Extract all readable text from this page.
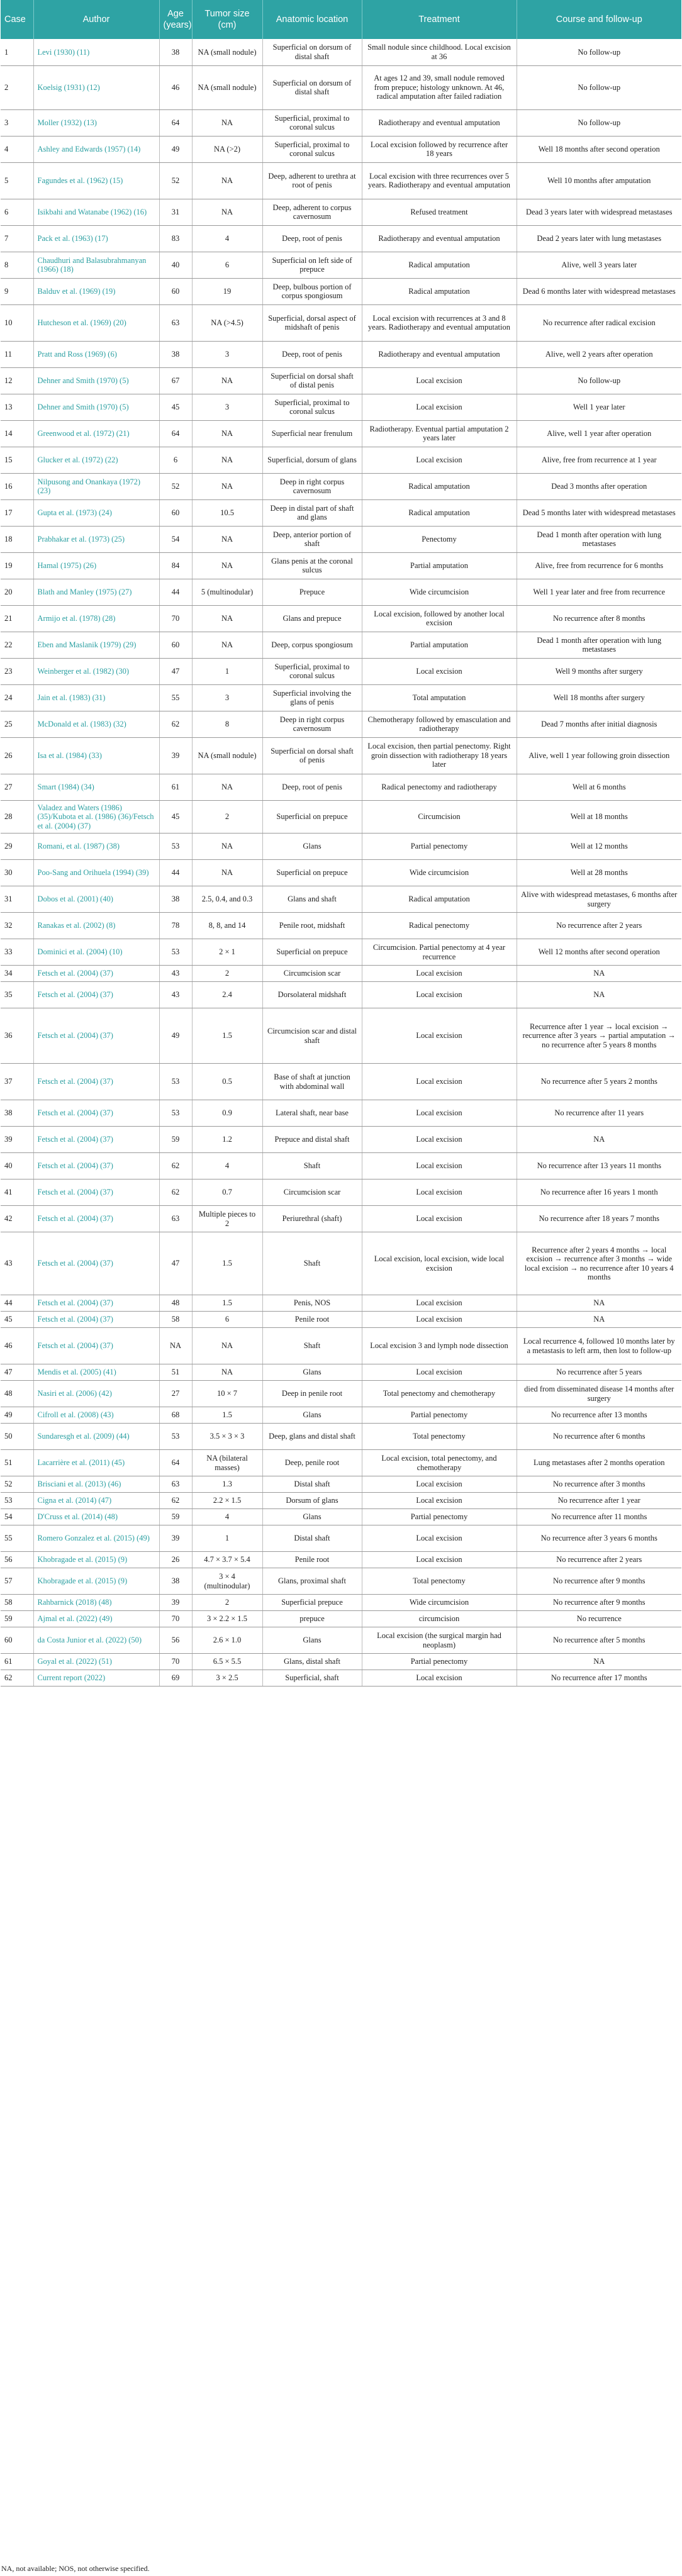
Case	Author	Age (years)	Tumor size (cm)	Anatomic location	Treatment	Course and follow-up
1	Levi (1930) (11)	38	NA (small nodule)	Superficial on dorsum of distal shaft	Small nodule since childhood. Local excision at 36	No follow-up
2	Koelsig (1931) (12)	46	NA (small nodule)	Superficial on dorsum of distal shaft	At ages 12 and 39, small nodule removed from prepuce; histology unknown. At 46, radical amputation after failed radiation	No follow-up
3	Moller (1932) (13)	64	NA	Superficial, proximal to coronal sulcus	Radiotherapy and eventual amputation	No follow-up
4	Ashley and Edwards (1957) (14)	49	NA (>2)	Superficial, proximal to coronal sulcus	Local excision followed by recurrence after 18 years	Well 18 months after second operation
5	Fagundes et al. (1962) (15)	52	NA	Deep, adherent to urethra at root of penis	Local excision with three recurrences over 5 years. Radiotherapy and eventual amputation	Well 10 months after amputation
6	Isikbahi and Watanabe (1962) (16)	31	NA	Deep, adherent to corpus cavernosum	Refused treatment	Dead 3 years later with widespread metastases
7	Pack et al. (1963) (17)	83	4	Deep, root of penis	Radiotherapy and eventual amputation	Dead 2 years later with lung metastases
8	Chaudhuri and Balasubrahmanyan (1966) (18)	40	6	Superficial on left side of prepuce	Radical amputation	Alive, well 3 years later
9	Balduv et al. (1969) (19)	60	19	Deep, bulbous portion of corpus spongiosum	Radical amputation	Dead 6 months later with widespread metastases
10	Hutcheson et al. (1969) (20)	63	NA (>4.5)	Superficial, dorsal aspect of midshaft of penis	Local excision with recurrences at 3 and 8 years. Radiotherapy and eventual amputation	No recurrence after radical excision
11	Pratt and Ross (1969) (6)	38	3	Deep, root of penis	Radiotherapy and eventual amputation	Alive, well 2 years after operation
12	Dehner and Smith (1970) (5)	67	NA	Superficial on dorsal shaft of distal penis	Local excision	No follow-up
13	Dehner and Smith (1970) (5)	45	3	Superficial, proximal to coronal sulcus	Local excision	Well 1 year later
14	Greenwood et al. (1972) (21)	64	NA	Superficial near frenulum	Radiotherapy. Eventual partial amputation 2 years later	Alive, well 1 year after operation
15	Glucker et al. (1972) (22)	6	NA	Superficial, dorsum of glans	Local excision	Alive, free from recurrence at 1 year
16	Nilpusong and Onankaya (1972) (23)	52	NA	Deep in right corpus cavernosum	Radical amputation	Dead 3 months after operation
17	Gupta et al. (1973) (24)	60	10.5	Deep in distal part of shaft and glans	Radical amputation	Dead 5 months later with widespread metastases
18	Prabhakar et al. (1973) (25)	54	NA	Deep, anterior portion of shaft	Penectomy	Dead 1 month after operation with lung metastases
19	Hamal (1975) (26)	84	NA	Glans penis at the coronal sulcus	Partial amputation	Alive, free from recurrence for 6 months
20	Blath and Manley (1975) (27)	44	5 (multinodular)	Prepuce	Wide circumcision	Well 1 year later and free from recurrence
21	Armijo et al. (1978) (28)	70	NA	Glans and prepuce	Local excision, followed by another local excision	No recurrence after 8 months
22	Eben and Maslanik (1979) (29)	60	NA	Deep, corpus spongiosum	Partial amputation	Dead 1 month after operation with lung metastases
23	Weinberger et al. (1982) (30)	47	1	Superficial, proximal to coronal sulcus	Local excision	Well 9 months after surgery
24	Jain et al. (1983) (31)	55	3	Superficial involving the glans of penis	Total amputation	Well 18 months after surgery
25	McDonald et al. (1983) (32)	62	8	Deep in right corpus cavernosum	Chemotherapy followed by emasculation and radiotherapy	Dead 7 months after initial diagnosis
26	Isa et al. (1984) (33)	39	NA (small nodule)	Superficial on dorsal shaft of penis	Local excision, then partial penectomy. Right groin dissection with radiotherapy 18 years later	Alive, well 1 year following groin dissection
27	Smart (1984) (34)	61	NA	Deep, root of penis	Radical penectomy and radiotherapy	Well at 6 months
28	Valadez and Waters (1986) (35)/Kubota et al. (1986) (36)/Fetsch et al. (2004) (37)	45	2	Superficial on prepuce	Circumcision	Well at 18 months
29	Romani, et al. (1987) (38)	53	NA	Glans	Partial penectomy	Well at 12 months
30	Poo-Sang and Orihuela (1994) (39)	44	NA	Superficial on prepuce	Wide circumcision	Well at 28 months
31	Dobos et al. (2001) (40)	38	2.5, 0.4, and 0.3	Glans and shaft	Radical amputation	Alive with widespread metastases, 6 months after surgery
32	Ranakas et al. (2002) (8)	78	8, 8, and 14	Penile root, midshaft	Radical penectomy	No recurrence after 2 years
33	Dominici et al. (2004) (10)	53	2 × 1	Superficial on prepuce	Circumcision. Partial penectomy at 4 year recurrence	Well 12 months after second operation
34	Fetsch et al. (2004) (37)	43	2	Circumcision scar	Local excision	NA
35	Fetsch et al. (2004) (37)	43	2.4	Dorsolateral midshaft	Local excision	NA
36	Fetsch et al. (2004) (37)	49	1.5	Circumcision scar and distal shaft	Local excision	Recurrence after 1 year → local excision → recurrence after 3 years → partial amputation → no recurrence after 5 years 8 months
37	Fetsch et al. (2004) (37)	53	0.5	Base of shaft at junction with abdominal wall	Local excision	No recurrence after 5 years 2 months
38	Fetsch et al. (2004) (37)	53	0.9	Lateral shaft, near base	Local excision	No recurrence after 11 years
39	Fetsch et al. (2004) (37)	59	1.2	Prepuce and distal shaft	Local excision	NA
40	Fetsch et al. (2004) (37)	62	4	Shaft	Local excision	No recurrence after 13 years 11 months
41	Fetsch et al. (2004) (37)	62	0.7	Circumcision scar	Local excision	No recurrence after 16 years 1 month
42	Fetsch et al. (2004) (37)	63	Multiple pieces to 2	Periurethral (shaft)	Local excision	No recurrence after 18 years 7 months
43	Fetsch et al. (2004) (37)	47	1.5	Shaft	Local excision, local excision, wide local excision	Recurrence after 2 years 4 months → local excision → recurrence after 3 months → wide local excision → no recurrence after 10 years 4 months
44	Fetsch et al. (2004) (37)	48	1.5	Penis, NOS	Local excision	NA
45	Fetsch et al. (2004) (37)	58	6	Penile root	Local excision	NA
46	Fetsch et al. (2004) (37)	NA	NA	Shaft	Local excision 3 and lymph node dissection	Local recurrence 4, followed 10 months later by a metastasis to left arm, then lost to follow-up
47	Mendis et al. (2005) (41)	51	NA	Glans	Local excision	No recurrence after 5 years
48	Nasiri et al. (2006) (42)	27	10 × 7	Deep in penile root	Total penectomy and chemotherapy	died from disseminated disease 14 months after surgery
49	Cifroll et al. (2008) (43)	68	1.5	Glans	Partial penectomy	No recurrence after 13 months
50	Sundaresgh et al. (2009) (44)	53	3.5 × 3 × 3	Deep, glans and distal shaft	Total penectomy	No recurrence after 6 months
51	Lacarrière et al. (2011) (45)	64	NA (bilateral masses)	Deep, penile root	Local excision, total penectomy, and chemotherapy	Lung metastases after 2 months operation
52	Brisciani et al. (2013) (46)	63	1.3	Distal shaft	Local excision	No recurrence after 3 months
53	Cigna et al. (2014) (47)	62	2.2 × 1.5	Dorsum of glans	Local excision	No recurrence after 1 year
54	D'Cruss et al. (2014) (48)	59	4	Glans	Partial penectomy	No recurrence after 11 months
55	Romero Gonzalez et al. (2015) (49)	39	1	Distal shaft	Local excision	No recurrence after 3 years 6 months
56	Khobragade et al. (2015) (9)	26	4.7 × 3.7 × 5.4	Penile root	Local excision	No recurrence after 2 years
57	Khobragade et al. (2015) (9)	38	3 × 4 (multinodular)	Glans, proximal shaft	Total penectomy	No recurrence after 9 months
58	Rahbarnick (2018) (48)	39	2	Superficial prepuce	Wide circumcision	No recurrence after 9 months
59	Ajmal et al. (2022) (49)	70	3 × 2.2 × 1.5	prepuce	circumcision	No recurrence
60	da Costa Junior et al. (2022) (50)	56	2.6 × 1.0	Glans	Local excision (the surgical margin had neoplasm)	No recurrence after 5 months
61	Goyal et al. (2022) (51)	70	6.5 × 5.5	Glans, distal shaft	Partial penectomy	NA
62	Current report (2022)	69	3 × 2.5	Superficial, shaft	Local excision	No recurrence after 17 months
NA, not available; NOS, not otherwise specified.
